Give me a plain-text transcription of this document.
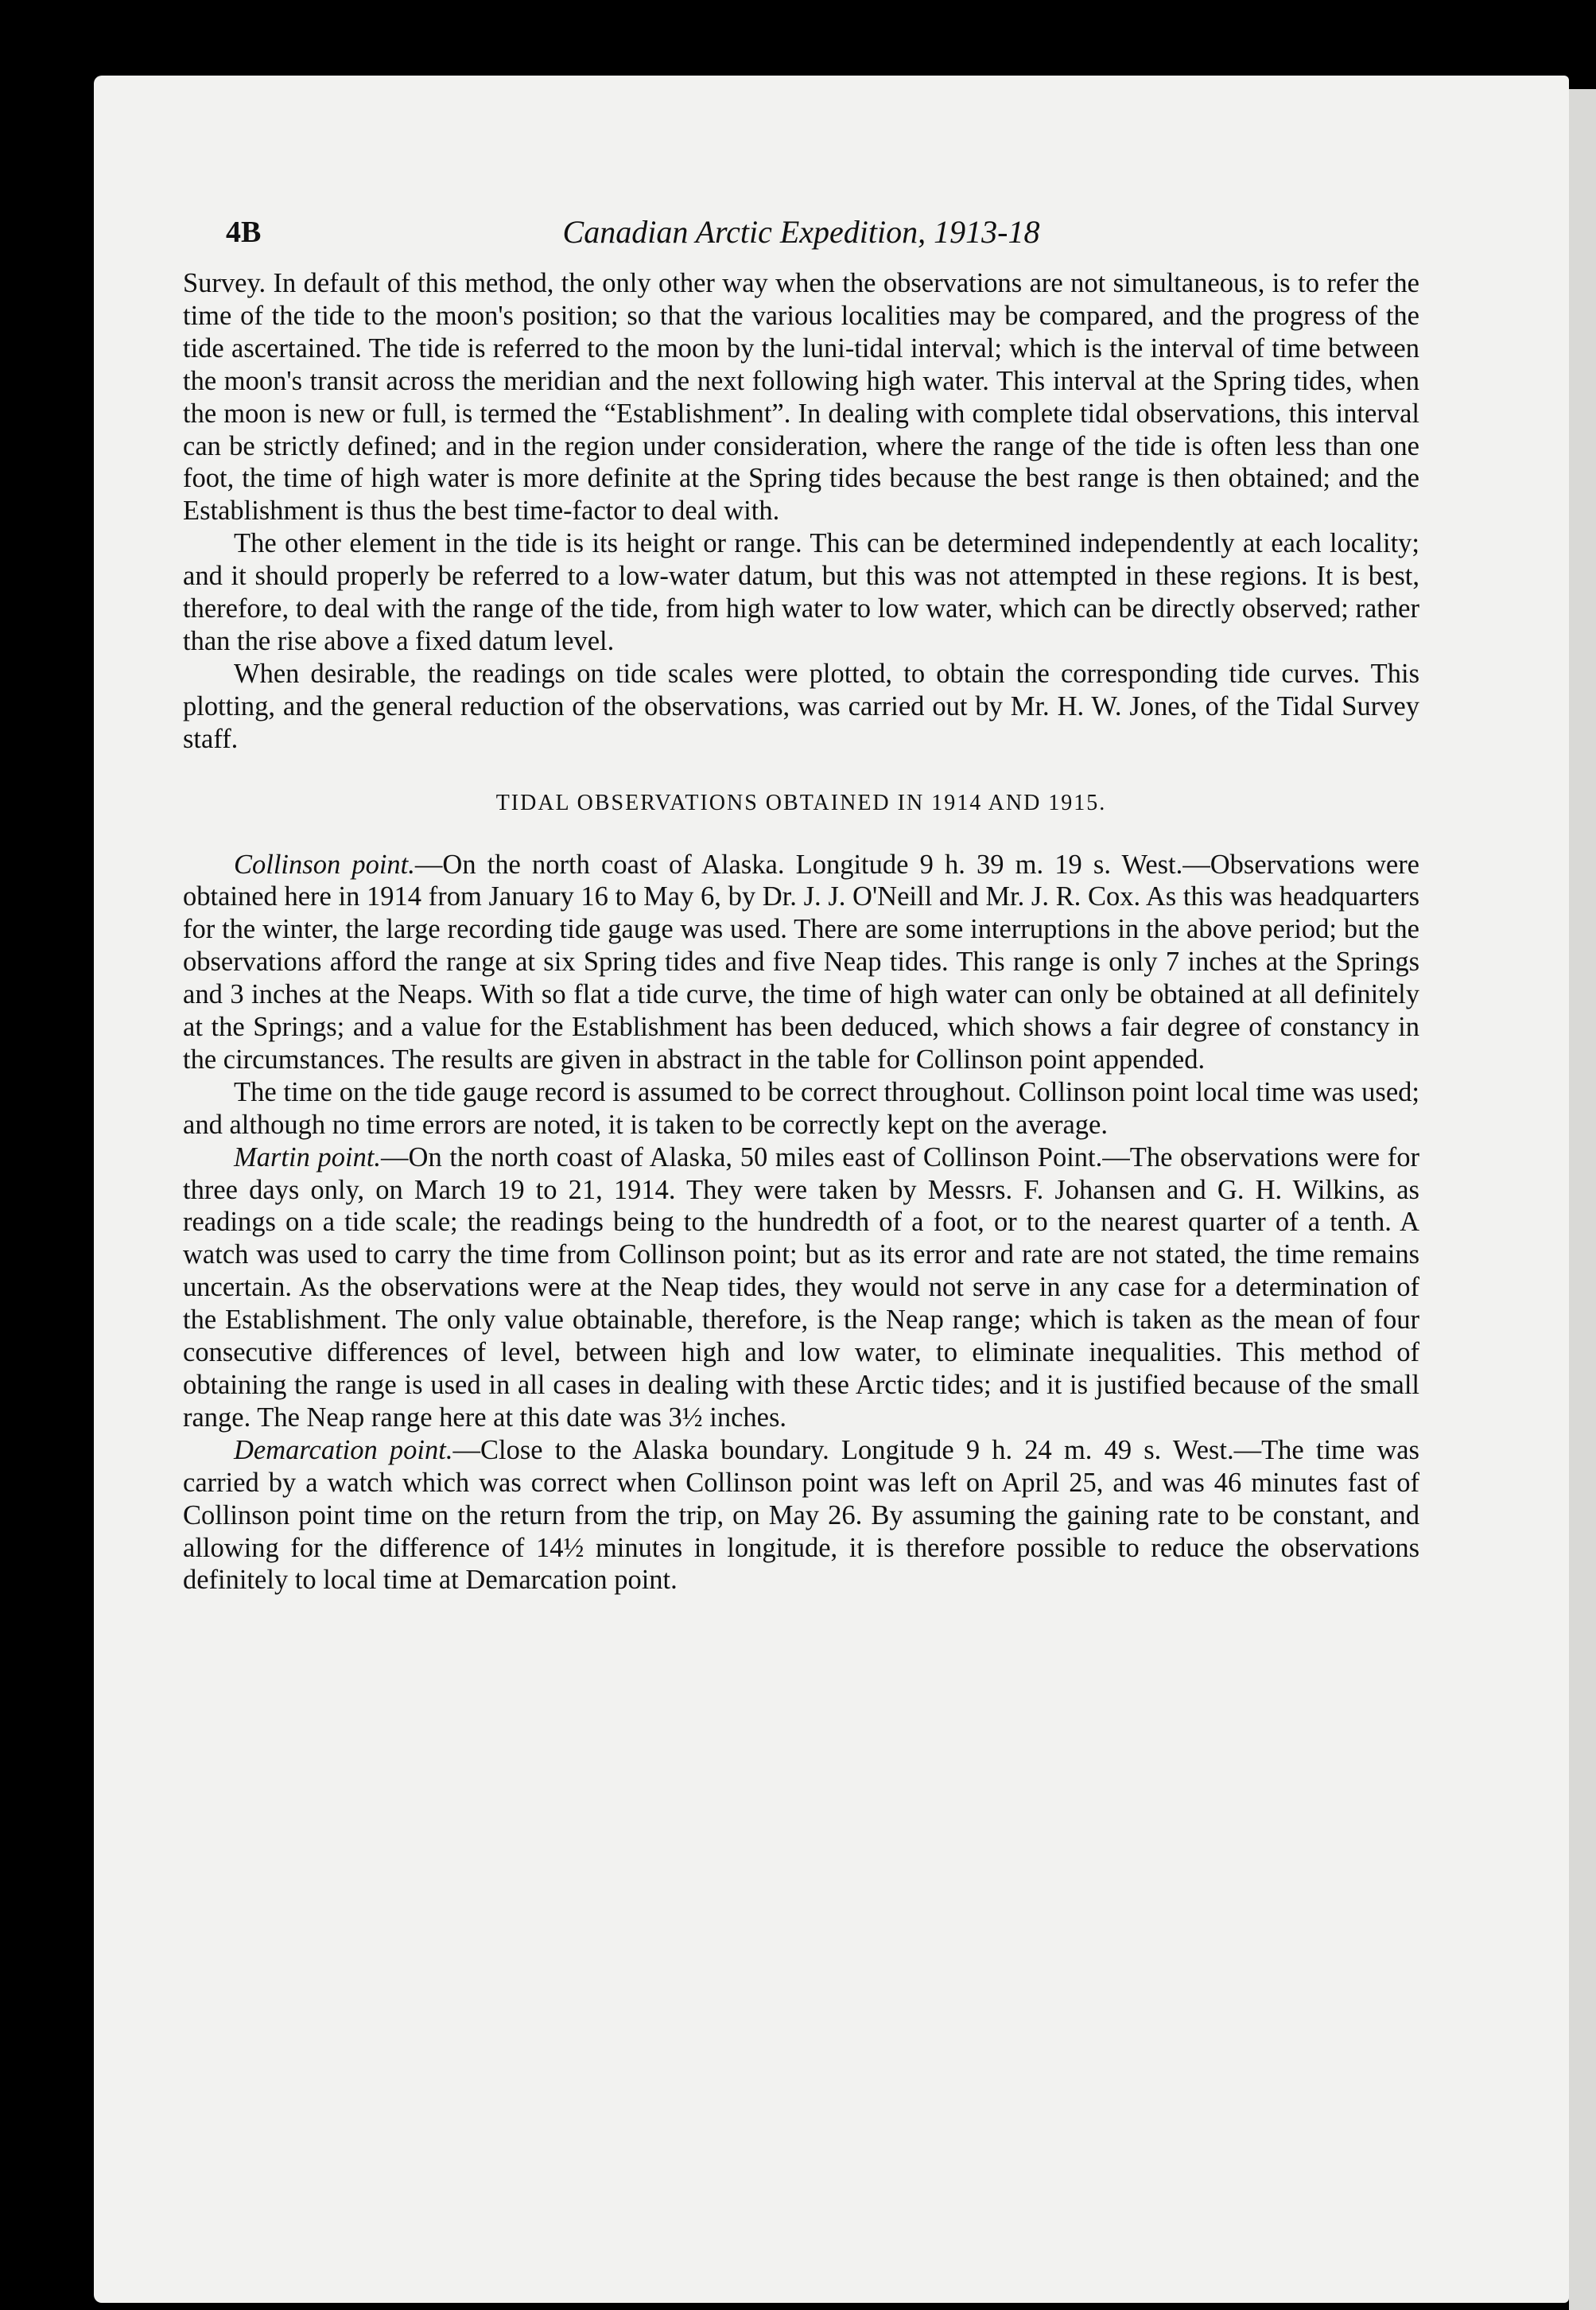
4B	Canadian Arctic Expedition, 1913-18

Survey. In default of this method, the only other way when the observations are not simultaneous, is to refer the time of the tide to the moon's position; so that the various localities may be compared, and the progress of the tide ascertained. The tide is referred to the moon by the luni-tidal interval; which is the interval of time between the moon's transit across the meridian and the next following high water. This interval at the Spring tides, when the moon is new or full, is termed the “Establishment”. In dealing with complete tidal observations, this interval can be strictly defined; and in the region under consideration, where the range of the tide is often less than one foot, the time of high water is more definite at the Spring tides because the best range is then obtained; and the Establishment is thus the best time-factor to deal with.

The other element in the tide is its height or range. This can be determined independently at each locality; and it should properly be referred to a low-water datum, but this was not attempted in these regions. It is best, therefore, to deal with the range of the tide, from high water to low water, which can be directly observed; rather than the rise above a fixed datum level.

When desirable, the readings on tide scales were plotted, to obtain the corresponding tide curves. This plotting, and the general reduction of the observations, was carried out by Mr. H. W. Jones, of the Tidal Survey staff.

TIDAL OBSERVATIONS OBTAINED IN 1914 AND 1915.

Collinson point.—On the north coast of Alaska. Longitude 9 h. 39 m. 19 s. West.—Observations were obtained here in 1914 from January 16 to May 6, by Dr. J. J. O'Neill and Mr. J. R. Cox. As this was headquarters for the winter, the large recording tide gauge was used. There are some interruptions in the above period; but the observations afford the range at six Spring tides and five Neap tides. This range is only 7 inches at the Springs and 3 inches at the Neaps. With so flat a tide curve, the time of high water can only be obtained at all definitely at the Springs; and a value for the Establishment has been deduced, which shows a fair degree of constancy in the circumstances. The results are given in abstract in the table for Collinson point appended.

The time on the tide gauge record is assumed to be correct throughout. Collinson point local time was used; and although no time errors are noted, it is taken to be correctly kept on the average.

Martin point.—On the north coast of Alaska, 50 miles east of Collinson Point.—The observations were for three days only, on March 19 to 21, 1914. They were taken by Messrs. F. Johansen and G. H. Wilkins, as readings on a tide scale; the readings being to the hundredth of a foot, or to the nearest quarter of a tenth. A watch was used to carry the time from Collinson point; but as its error and rate are not stated, the time remains uncertain. As the observations were at the Neap tides, they would not serve in any case for a determination of the Establishment. The only value obtainable, therefore, is the Neap range; which is taken as the mean of four consecutive differences of level, between high and low water, to eliminate inequalities. This method of obtaining the range is used in all cases in dealing with these Arctic tides; and it is justified because of the small range. The Neap range here at this date was 3½ inches.

Demarcation point.—Close to the Alaska boundary. Longitude 9 h. 24 m. 49 s. West.—The time was carried by a watch which was correct when Collinson point was left on April 25, and was 46 minutes fast of Collinson point time on the return from the trip, on May 26. By assuming the gaining rate to be constant, and allowing for the difference of 14½ minutes in longitude, it is therefore possible to reduce the observations definitely to local time at Demarcation point.
